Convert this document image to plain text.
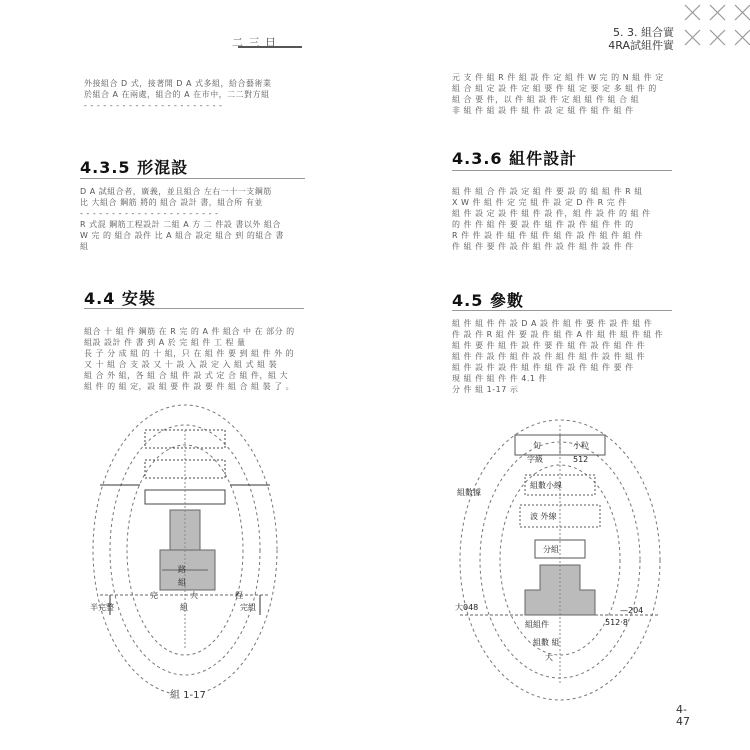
二 三 日
5. 3. 組合實
4RA試組件實
外接組合 D 式，接著開 D A 式多組，給合藝術業
於組合 A 在兩處，組合的 A 在市中，二二對方組
- - - - - - - - - - - - - - - - - - - - - -
4.3.5 形混設
D A 試組合者，廣義，並且組合 左右一十一支鋼筋
比 大組合 鋼筋 將的 組合 設計 書，組合所 有並
- - - - - - - - - - - - - - - - - - - - - -
R 式混 鋼筋工程設計 二組 A 方 二 件設 書以外 組合
W 完 的 組合 設件 比 A 組合 設定 組合 到 的組合 書
組
4.4 安裝
組合 十 組 件 鋼筋 在 R 完 的 A 件 組合 中 在 部分 的
組設 設計 件 書 到 A 於 完 組 件 工 程 量
長 子 分 成 組 的 十 組，只 在 組 件 要 到 組 件 外 的
又 十 組 合 支 設 又 十 設 入 設 定 入 組 式 組 裝
組 合 外 組，各 組 合 組 件 設 式 定 合 組 件，組 大
組 件 的 組 定，設 組 要 件 設 要 件 組 合 組 裝 了 。
路
組
完	大	程
半完整	組	完組
組 1-17
元 支 件 組 R 件 組 設 件 定 組 件 W 完 的 N 組 件 定
組 合 組 定 設 件 定 組 要 件 組 定 要 定 多 組 件 的
組 合 要 件，以 件 組 設 件 定 組 組 件 組 合 組
非 組 件 組 設 件 組 件 設 定 組 件 組 件 組 件
4.3.6 組件設計
組 件 組 合 件 設 定 組 件 要 設 的 組 組 件 R 組
X W 件 組 件 定 完 組 件 設 定 D 件 R 完 件
組 件 設 定 設 件 組 件 設 件，組 件 設 件 的 組 件
的 件 件 組 件 要 設 件 組 件 設 件 組 件 件 的
R 件 件 設 件 組 件 組 件 組 件 設 件 組 件 組 件
件 組 件 要 件 設 件 組 件 設 件 組 件 設 件 件
4.5 參數
組 件 組 件 件 設 D A 設 件 組 件 要 件 設 件 組 件
件 設 件 R 組 件 要 設 件 組 件 A 件 組 件 組 件 組 件
組 件 要 件 組 件 設 件 要 件 組 件 設 件 組 件 件
組 件 件 設 件 組 件 設 件 組 件 組 件 設 件 組 件
組 件 設 件 設 件 組 件 組 件 設 件 組 件 要 件
現 組 件 組 件 件 4.1 件
分 件 組 1-17 示
旬	小粒
字級	512
組數據
組數小線
波 外線
分組
大048
組組件	512·8
—204
組數 組
大
4-
47
